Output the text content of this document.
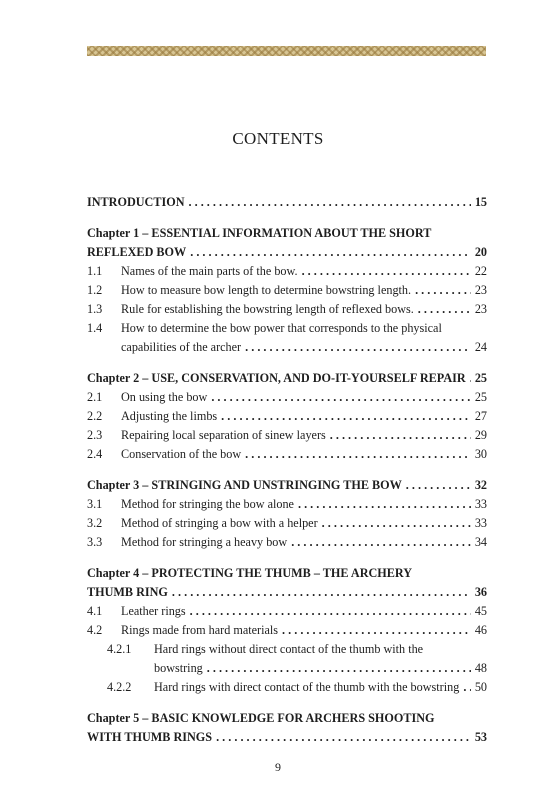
CONTENTS
INTRODUCTION . . .	15
Chapter 1 – ESSENTIAL INFORMATION ABOUT THE SHORT
REFLEXED BOW . . .	20
1.1	Names of the main parts of the bow. . . .	22
1.2	How to measure bow length to determine bowstring length. . . .	23
1.3	Rule for establishing the bowstring length of reflexed bows. . . .	23
1.4	How to determine the bow power that corresponds to the physical
capabilities of the archer . . .	24
Chapter 2 – USE, CONSERVATION, AND DO-IT-YOURSELF REPAIR . . . 25
2.1	On using the bow . . .	25
2.2	Adjusting the limbs . . .	27
2.3	Repairing local separation of sinew layers . . .	29
2.4	Conservation of the bow . . .	30
Chapter 3 – STRINGING AND UNSTRINGING THE BOW . . .	32
3.1	Method for stringing the bow alone . . .	33
3.2	Method of stringing a bow with a helper . . .	33
3.3	Method for stringing a heavy bow . . .	34
Chapter 4 – PROTECTING THE THUMB – THE ARCHERY
THUMB RING . . .	36
4.1	Leather rings . . .	45
4.2	Rings made from hard materials . . .	46
4.2.1	Hard rings without direct contact of the thumb with the
bowstring . . .	48
4.2.2	Hard rings with direct contact of the thumb with the bowstring . . . 50
Chapter 5 – BASIC KNOWLEDGE FOR ARCHERS SHOOTING
WITH THUMB RINGS . . .	53
9
